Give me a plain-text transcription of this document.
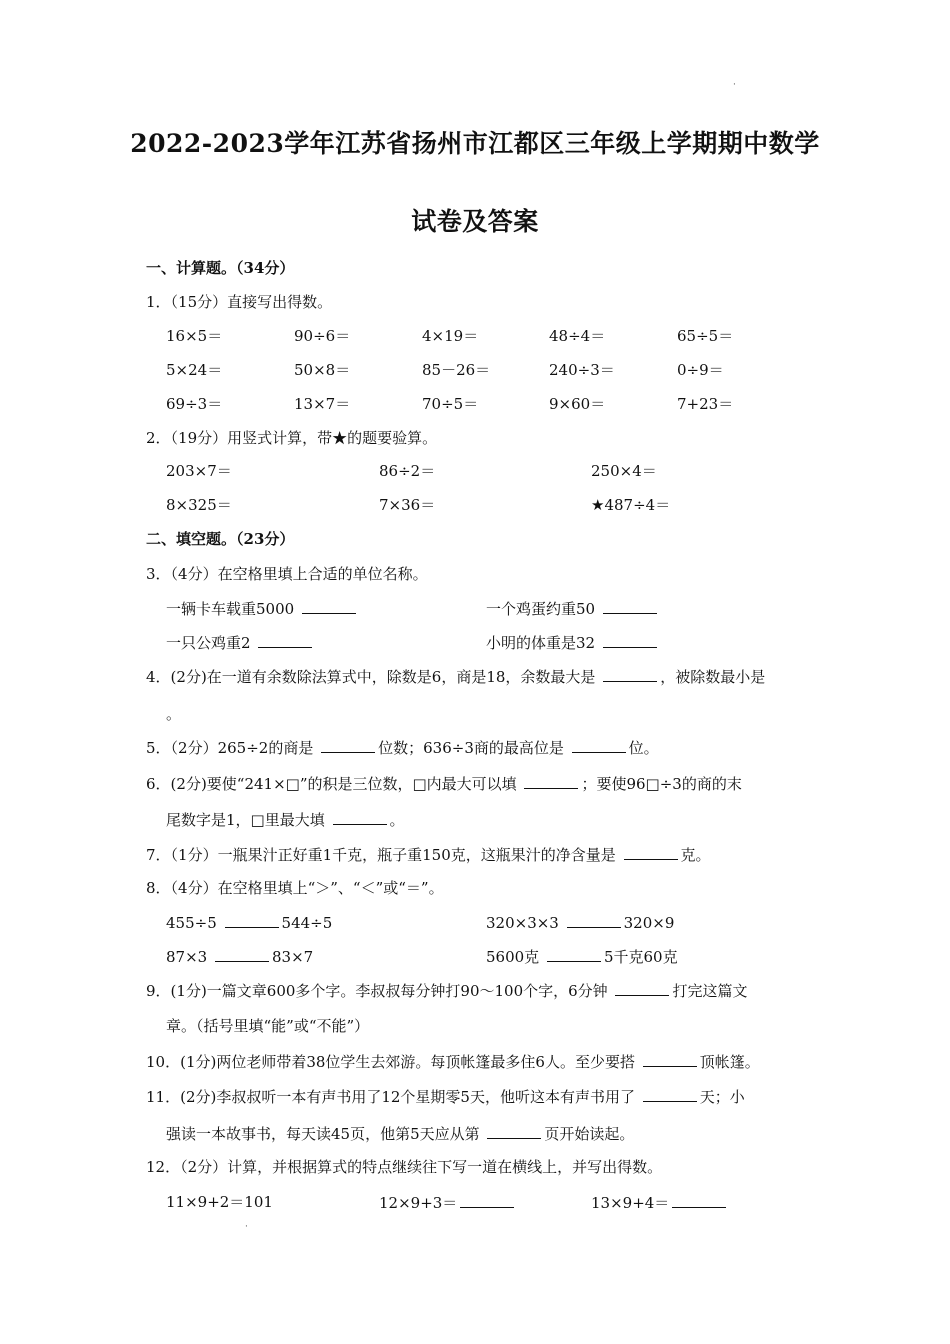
·
2022-2023学年江苏省扬州市江都区三年级上学期期中数学
试卷及答案
一、计算题。（34分）
1．（15分）直接写出得数。
16×5＝	90÷6＝	4×19＝	48÷4＝	65÷5＝
5×24＝	50×8＝	85－26＝	240÷3＝	0÷9＝
69÷3＝	13×7＝	70÷5＝	9×60＝	7+23＝
2．（19分）用竖式计算，带★的题要验算。
203×7＝	86÷2＝	250×4＝
8×325＝	7×36＝	★487÷4＝
二、填空题。（23分）
3．（4分）在空格里填上合适的单位名称。
一辆卡车载重5000	一个鸡蛋约重50
一只公鸡重2	小明的体重是32
4．(2分)在一道有余数除法算式中，除数是6，商是18，余数最大是	，被除数最小是
。
5．（2分）265÷2的商是	位数；636÷3商的最高位是	位。
6．(2分)要使“241×□”的积是三位数，□内最大可以填	；要使96□÷3的商的末
尾数字是1，□里最大填	。
7．（1分）一瓶果汁正好重1千克，瓶子重150克，这瓶果汁的净含量是	克。
8．（4分）在空格里填上“＞”、“＜”或“＝”。
455÷5	544÷5	320×3×3	320×9
87×3	83×7	5600克	5千克60克
9．(1分)一篇文章600多个字。李叔叔每分钟打90～100个字，6分钟	打完这篇文
章。（括号里填“能”或“不能”）
10．(1分)两位老师带着38位学生去郊游。每顶帐篷最多住6人。至少要搭	顶帐篷。
11．(2分)李叔叔听一本有声书用了12个星期零5天，他听这本有声书用了	天；小
强读一本故事书，每天读45页，他第5天应从第	页开始读起。
12．（2分）计算，并根据算式的特点继续往下写一道在横线上，并写出得数。
11×9+2＝101	12×9+3＝	13×9+4＝
·
